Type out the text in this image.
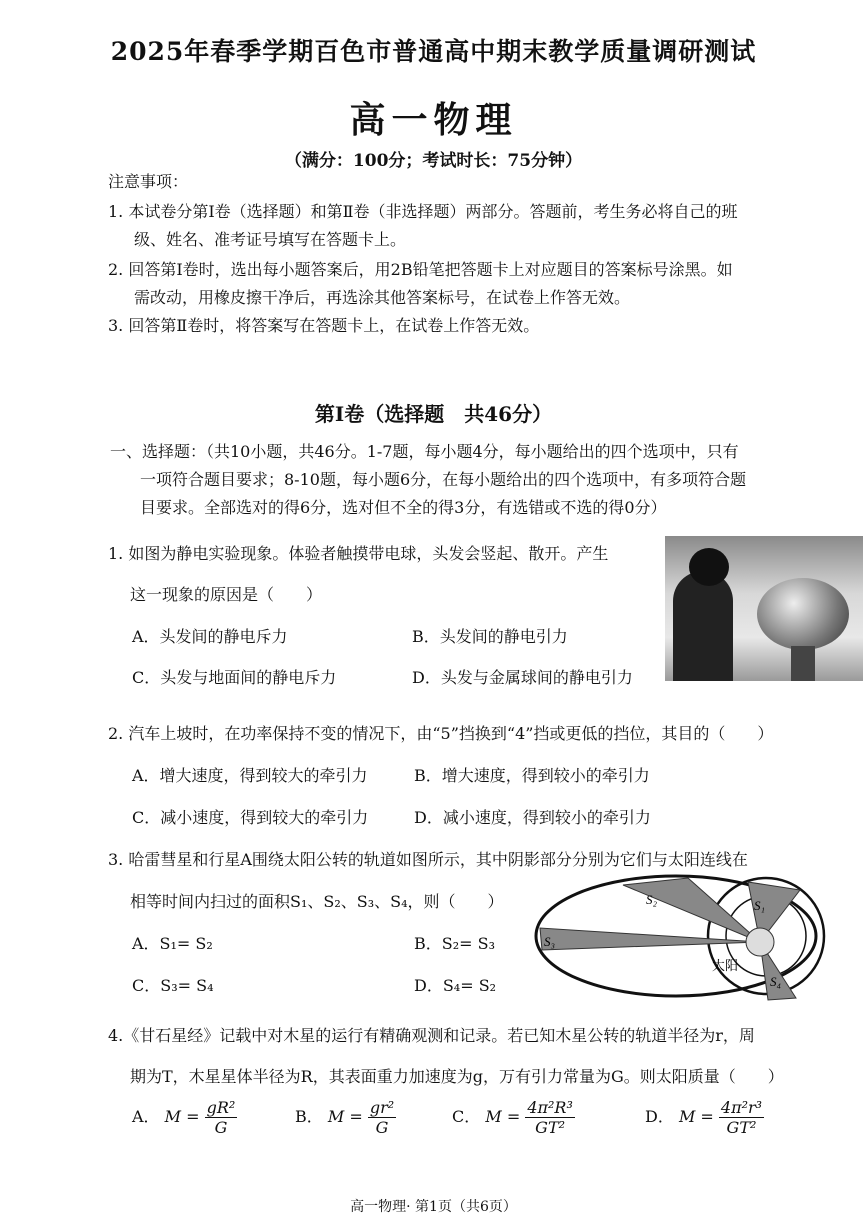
2025年春季学期百色市普通高中期末教学质量调研测试
高一物理
（满分：100分；考试时长：75分钟）
注意事项：
1. 本试卷分第Ⅰ卷（选择题）和第Ⅱ卷（非选择题）两部分。答题前，考生务必将自己的班
级、姓名、准考证号填写在答题卡上。
2. 回答第Ⅰ卷时，选出每小题答案后，用2B铅笔把答题卡上对应题目的答案标号涂黑。如
需改动，用橡皮擦干净后，再选涂其他答案标号，在试卷上作答无效。
3. 回答第Ⅱ卷时，将答案写在答题卡上，在试卷上作答无效。
第Ⅰ卷（选择题　共46分）
一、选择题：（共10小题，共46分。1-7题，每小题4分，每小题给出的四个选项中，只有
一项符合题目要求；8-10题，每小题6分，在每小题给出的四个选项中，有多项符合题
目要求。全部选对的得6分，选对但不全的得3分，有选错或不选的得0分）
1. 如图为静电实验现象。体验者触摸带电球，头发会竖起、散开。产生
这一现象的原因是（　　）
A．头发间的静电斥力	B．头发间的静电引力
C．头发与地面间的静电斥力	D．头发与金属球间的静电引力
2. 汽车上坡时，在功率保持不变的情况下，由“5”挡换到“4”挡或更低的挡位，其目的（　　）
A．增大速度，得到较大的牵引力	B．增大速度，得到较小的牵引力
C．减小速度，得到较大的牵引力	D．减小速度，得到较小的牵引力
3. 哈雷彗星和行星A围绕太阳公转的轨道如图所示，其中阴影部分分别为它们与太阳连线在
相等时间内扫过的面积S₁、S₂、S₃、S₄，则（　　）
A．S₁= S₂	B．S₂= S₃
C．S₃= S₄	D．S₄= S₂
S₂	S₁
S₃
S₄
太阳
4.《甘石星经》记载中对木星的运行有精确观测和记录。若已知木星公转的轨道半径为r，周
期为T，木星星体半径为R，其表面重力加速度为g，万有引力常量为G。则太阳质量（　　）
A． $M = \frac{\text{gR²}}{G}$	B． $M = \frac{\text{gr²}}{G}$	C． $M = \frac{\text{4π²R³}}{\text{GT²}}$	D． $M = \frac{\text{4π²r³}}{\text{GT²}}$
高一物理· 第1页（共6页）
